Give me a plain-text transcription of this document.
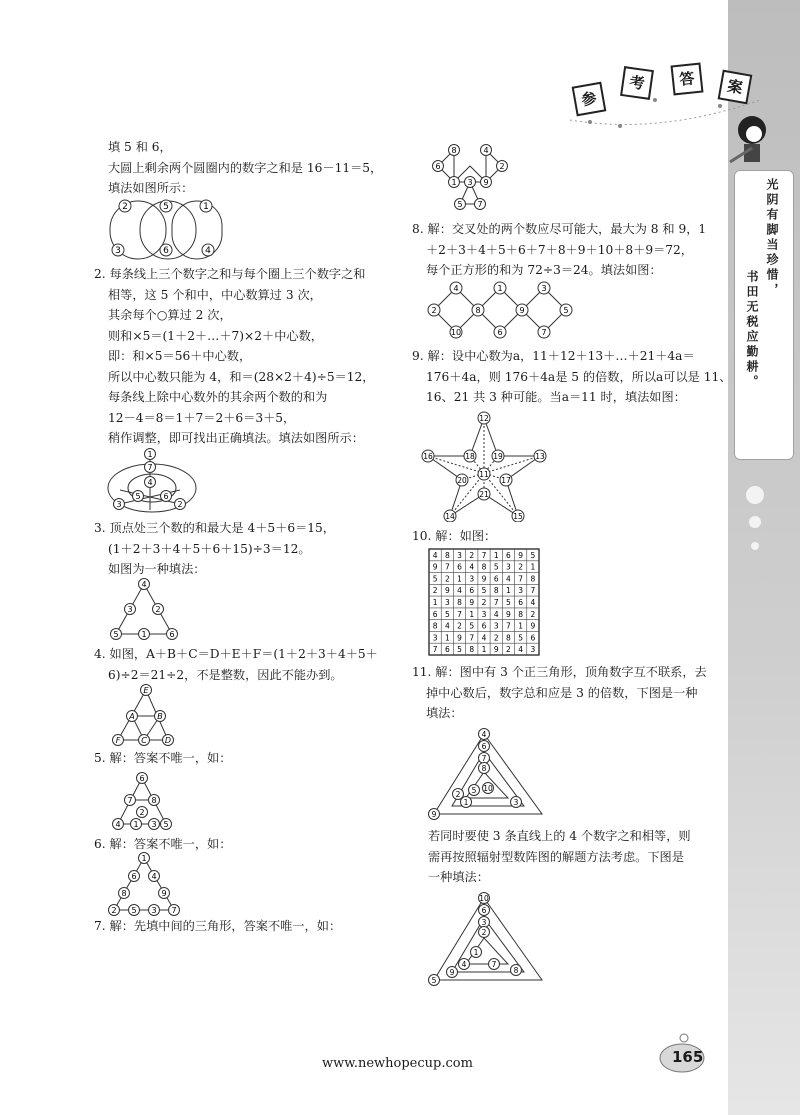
光阴有脚当珍惜，
书田无税应勤耕。
参
考	答	案

填 5 和 6，

大圆上剩余两个圆圈内的数字之和是 16－11＝5，

填法如图所示：

2	5	1
3	6	4

2. 每条线上三个数字之和与每个圈上三个数字之和

相等，这 5 个和中，中心数算过 3 次，

其余每个○算过 2 次，

则和×5＝(1＋2＋…＋7)×2＋中心数，

即：和×5＝56＋中心数，

所以中心数只能为 4，和＝(28×2＋4)÷5＝12，

每条线上除中心数外的其余两个数的和为

12－4＝8＝1＋7＝2＋6＝3＋5，

稍作调整，即可找出正确填法。填法如图所示：

1
7
4
3
6
5
2

3. 顶点处三个数的和最大是 4＋5＋6＝15，

(1＋2＋3＋4＋5＋6＋15)÷3＝12。

如图为一种填法：

4
3	2
5	1	6

4. 如图，A＋B＋C＝D＋E＋F＝(1＋2＋3＋4＋5＋

6)÷2＝21÷2，不是整数，因此不能办到。

E
A	B
F	C D

5. 解：答案不唯一，如：

6
7 8
4
2
5
1 3

6. 解：答案不唯一，如：

1
6 4
8	9
2 5 3 7

7. 解：先填中间的三角形，答案不唯一，如：

6
4
8
1	9
2
3
5 7

8. 解：交叉处的两个数应尽可能大，最大为 8 和 9，1

＋2＋3＋4＋5＋6＋7＋8＋9＋10＋8＋9＝72，

每个正方形的和为 72÷3＝24。填法如图：

4	1	3
2	8	9	5
10	6	7

9. 解：设中心数为a，11＋12＋13＋…＋21＋4a＝

176＋4a，则 176＋4a是 5 的倍数，所以a可以是 11、

16、21 共 3 种可能。当a＝11 时，填法如图：

12
16	18 19	13
11
20	17
21
14	15

10. 解：如图：

4 8 3 2 7 1 6 9 5
9 7 6 4 8 5 3 2 1
5 2 1 3 9 6 4 7 8
2 9 4 6 5 8 1 3 7
1 3 8 9 2 7 5 6 4
6 5 7 1 3 4 9 8 2
8 4 2 5 6 3 7 1 9
3 1 9 7 4 2 8 5 6
7 6 5 8 1 9 2 4 3

11. 解：图中有 3 个正三角形，顶角数字互不联系，去

掉中心数后，数字总和应是 3 的倍数，下图是一种

填法：

4
6
7
8
2 5 10
1	3
9

若同时要使 3 条直线上的 4 个数字之和相等，则

需再按照辐射型数阵图的解题方法考虑。下图是

一种填法：

10
6
3
2
1
4
9
7
8
5
www.newhopecup.com	165
